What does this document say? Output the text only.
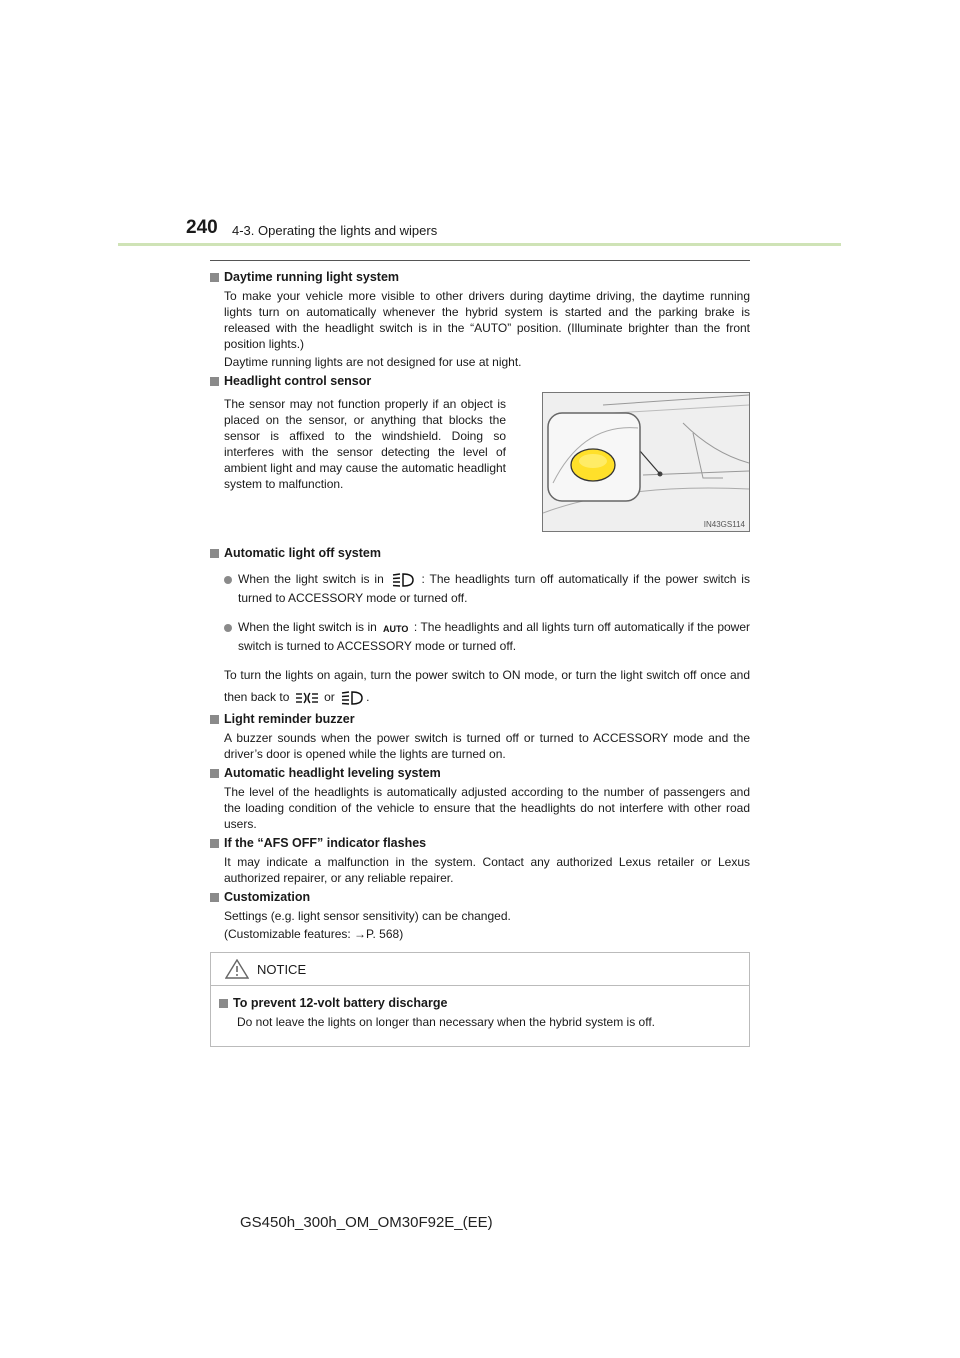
240 4-3. Operating the lights and wipers
Daytime running light system

To make your vehicle more visible to other drivers during daytime driving, the daytime running lights turn on automatically whenever the hybrid system is started and the parking brake is released with the headlight switch is in the “AUTO” position. (Illuminate brighter than the front position lights.)

Daytime running lights are not designed for use at night.

Headlight control sensor
The sensor may not function properly if an object is placed on the sensor, or anything that blocks the sensor is affixed to the windshield. Doing so interferes with the sensor detecting the level of ambient light and may cause the automatic headlight system to malfunction.
IN43GS114
Automatic light off system
When the light switch is in	: The headlights turn off automatically if the power switch is turned to ACCESSORY mode or turned off.
When the light switch is in AUTO : The headlights and all lights turn off automatically if the power switch is turned to ACCESSORY mode or turned off.

To turn the lights on again, turn the power switch to ON mode, or turn the light switch off once and then back to	or	.

Light reminder buzzer

A buzzer sounds when the power switch is turned off or turned to ACCESSORY mode and the driver’s door is opened while the lights are turned on.

Automatic headlight leveling system

The level of the headlights is automatically adjusted according to the number of passengers and the loading condition of the vehicle to ensure that the headlights do not interfere with other road users.

If the “AFS OFF” indicator flashes

It may indicate a malfunction in the system. Contact any authorized Lexus retailer or Lexus authorized repairer, or any reliable repairer.

Customization

Settings (e.g. light sensor sensitivity) can be changed.

(Customizable features: →P. 568)

NOTICE
To prevent 12-volt battery discharge

Do not leave the lights on longer than necessary when the hybrid system is off.

GS450h_300h_OM_OM30F92E_(EE)
